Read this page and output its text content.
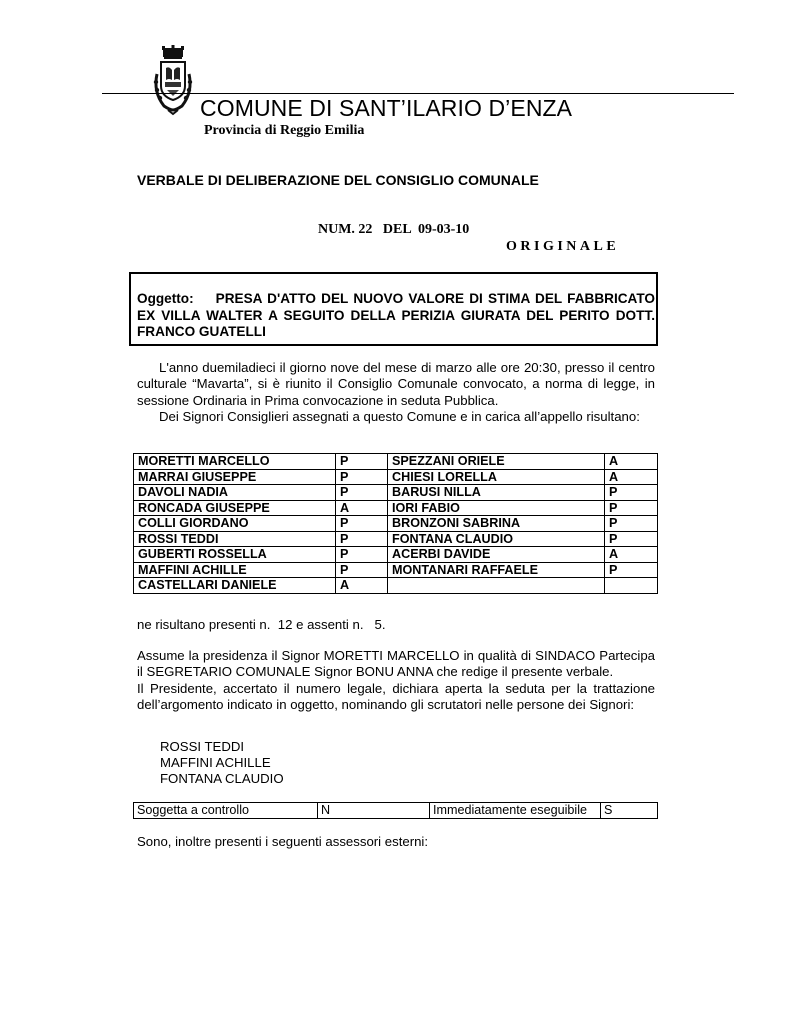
COMUNE DI SANT’ILARIO D’ENZA
Provincia di Reggio Emilia
VERBALE DI DELIBERAZIONE DEL CONSIGLIO COMUNALE
NUM. 22   DEL  09-03-10
ORIGINALE
Oggetto: PRESA D'ATTO DEL NUOVO VALORE DI STIMA DEL FABBRICATO EX VILLA WALTER A SEGUITO DELLA PERIZIA GIURATA DEL PERITO DOTT. FRANCO GUATELLI

L'anno duemiladieci il giorno nove del mese di marzo alle ore 20:30, presso il centro culturale “Mavarta”, si è riunito il Consiglio Comunale convocato, a norma di legge, in sessione Ordinaria in Prima convocazione in seduta Pubblica.

Dei Signori Consiglieri assegnati a questo Comune e in carica all’appello risultano:

MORETTI MARCELLO	P	SPEZZANI ORIELE	A
MARRAI GIUSEPPE	P	CHIESI LORELLA	A
DAVOLI NADIA	P	BARUSI NILLA	P
RONCADA GIUSEPPE	A	IORI FABIO	P
COLLI GIORDANO	P	BRONZONI SABRINA	P
ROSSI TEDDI	P	FONTANA CLAUDIO	P
GUBERTI ROSSELLA	P	ACERBI DAVIDE	A
MAFFINI ACHILLE	P	MONTANARI RAFFAELE	P
CASTELLARI DANIELE	A		
ne risultano presenti n.  12 e assenti n.   5.

Assume la presidenza il Signor MORETTI MARCELLO in qualità di SINDACO Partecipa il SEGRETARIO COMUNALE Signor BONU ANNA che redige il presente verbale.

Il Presidente, accertato il numero legale, dichiara aperta la seduta per la trattazione dell’argomento indicato in oggetto, nominando gli scrutatori nelle persone dei Signori:

ROSSI TEDDI
MAFFINI ACHILLE
FONTANA CLAUDIO
Soggetta a controllo	N	Immediatamente eseguibile	S
Sono, inoltre presenti i seguenti assessori esterni:
